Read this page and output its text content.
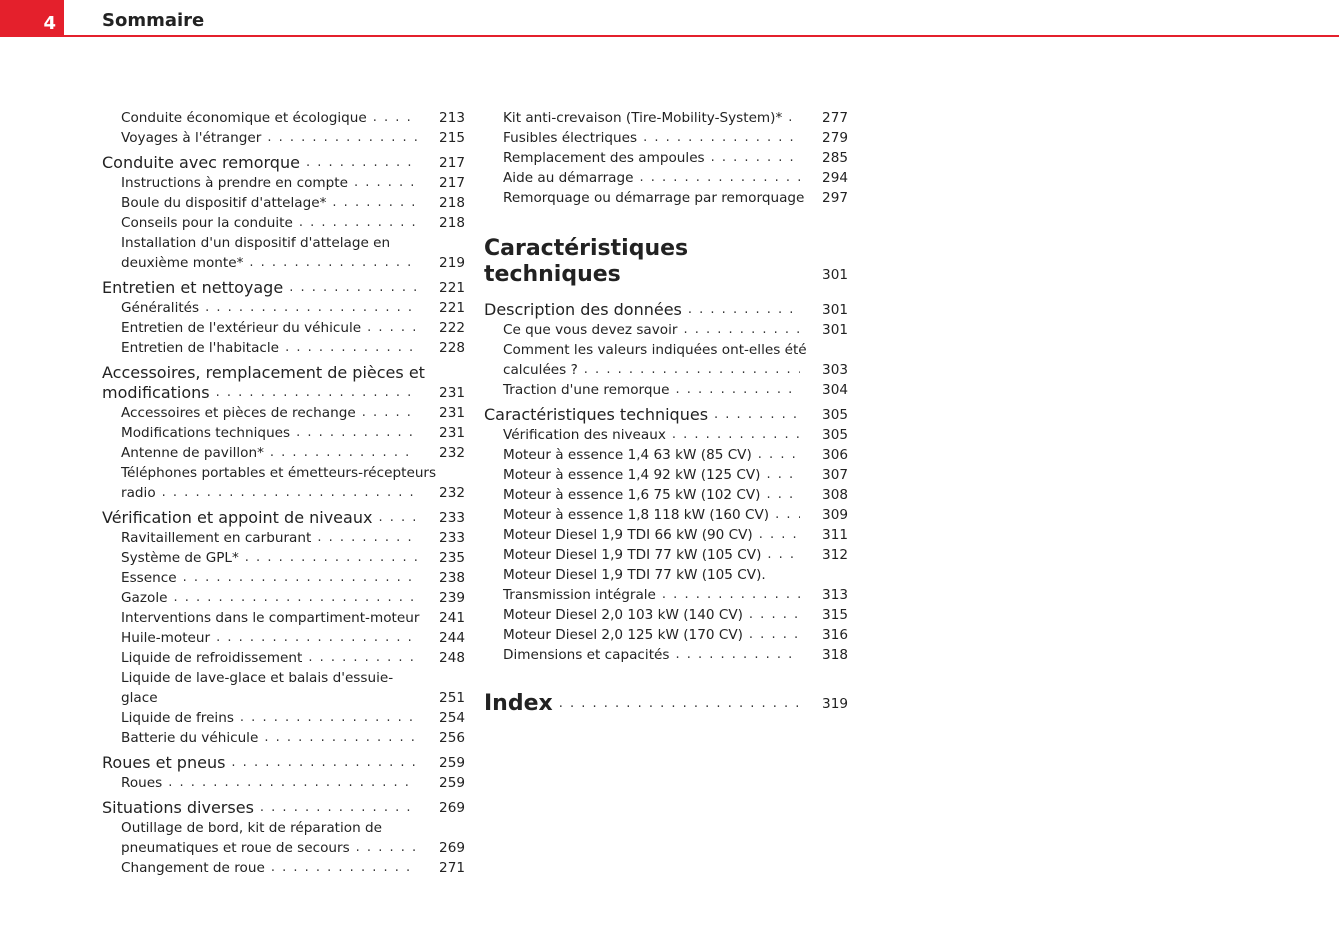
4	Sommaire
Conduite économique et écologique . . .	213
Voyages à l'étranger . . .	215
Conduite avec remorque . . .	217
Instructions à prendre en compte . . .	217
Boule du dispositif d'attelage* . . .	218
Conseils pour la conduite . . .	218
Installation d'un dispositif d'attelage en
deuxième monte* . . .	219
Entretien et nettoyage . . .	221
Généralités . . .	221
Entretien de l'extérieur du véhicule . . .	222
Entretien de l'habitacle . . .	228
Accessoires, remplacement de pièces et
modifications . . .	231
Accessoires et pièces de rechange . . .	231
Modifications techniques . . .	231
Antenne de pavillon* . . .	232
Téléphones portables et émetteurs-récepteurs
radio . . .	232
Vérification et appoint de niveaux . . .	233
Ravitaillement en carburant . . .	233
Système de GPL* . . .	235
Essence . . .	238
Gazole . . .	239
Interventions dans le compartiment-moteur	241
Huile-moteur . . .	244
Liquide de refroidissement . . .	248
Liquide de lave-glace et balais d'essuie-glace	251
Liquide de freins . . .	254
Batterie du véhicule . . .	256
Roues et pneus . . .	259
Roues . . .	259
Situations diverses . . .	269
Outillage de bord, kit de réparation de
pneumatiques et roue de secours . . .	269
Changement de roue . . .	271
Kit anti-crevaison (Tire-Mobility-System)* . . .	277
Fusibles électriques . . .	279
Remplacement des ampoules . . .	285
Aide au démarrage . . .	294
Remorquage ou démarrage par remorquage	297
Caractéristiques techniques	301
Description des données . . .	301
Ce que vous devez savoir . . .	301
Comment les valeurs indiquées ont-elles été
calculées ? . . .	303
Traction d'une remorque . . .	304
Caractéristiques techniques . . .	305
Vérification des niveaux . . .	305
Moteur à essence 1,4 63 kW (85 CV) . . .	306
Moteur à essence 1,4 92 kW (125 CV) . . .	307
Moteur à essence 1,6 75 kW (102 CV) . . .	308
Moteur à essence 1,8 118 kW (160 CV) . . .	309
Moteur Diesel 1,9 TDI 66 kW (90 CV) . . .	311
Moteur Diesel 1,9 TDI 77 kW (105 CV) . . .	312
Moteur Diesel 1,9 TDI 77 kW (105 CV).
Transmission intégrale . . .	313
Moteur Diesel 2,0 103 kW (140 CV) . . .	315
Moteur Diesel 2,0 125 kW (170 CV) . . .	316
Dimensions et capacités . . .	318
Index . . .	319
